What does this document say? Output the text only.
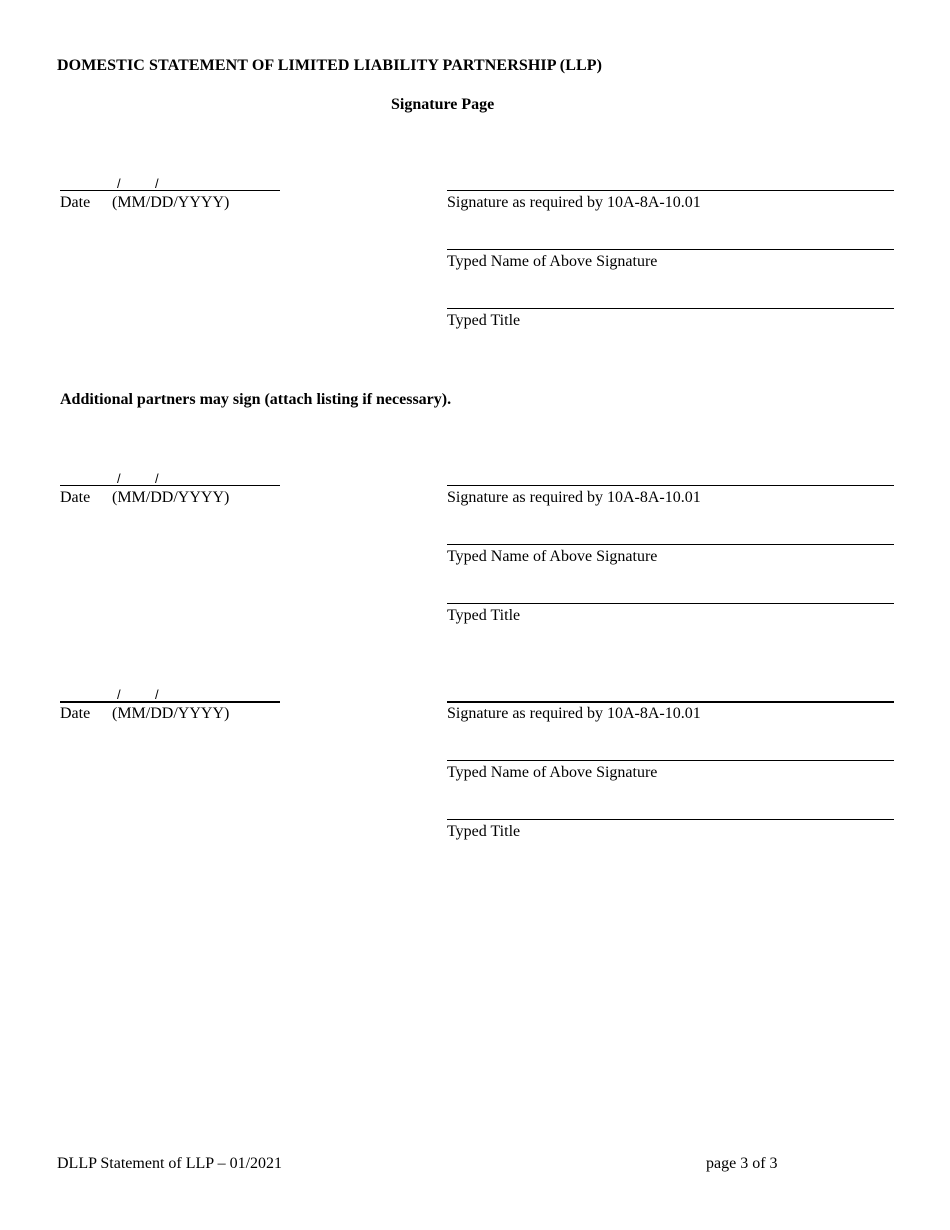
DOMESTIC STATEMENT OF LIMITED LIABILITY PARTNERSHIP (LLP)
Signature Page
/	/
Date (MM/DD/YYYY)	Signature as required by 10A-8A-10.01
Typed Name of Above Signature
Typed Title
Additional partners may sign (attach listing if necessary).
/	/
Date (MM/DD/YYYY)	Signature as required by 10A-8A-10.01
Typed Name of Above Signature
Typed Title
/	/
Date (MM/DD/YYYY)	Signature as required by 10A-8A-10.01
Typed Name of Above Signature
Typed Title
DLLP Statement of LLP – 01/2021	page 3 of 3
